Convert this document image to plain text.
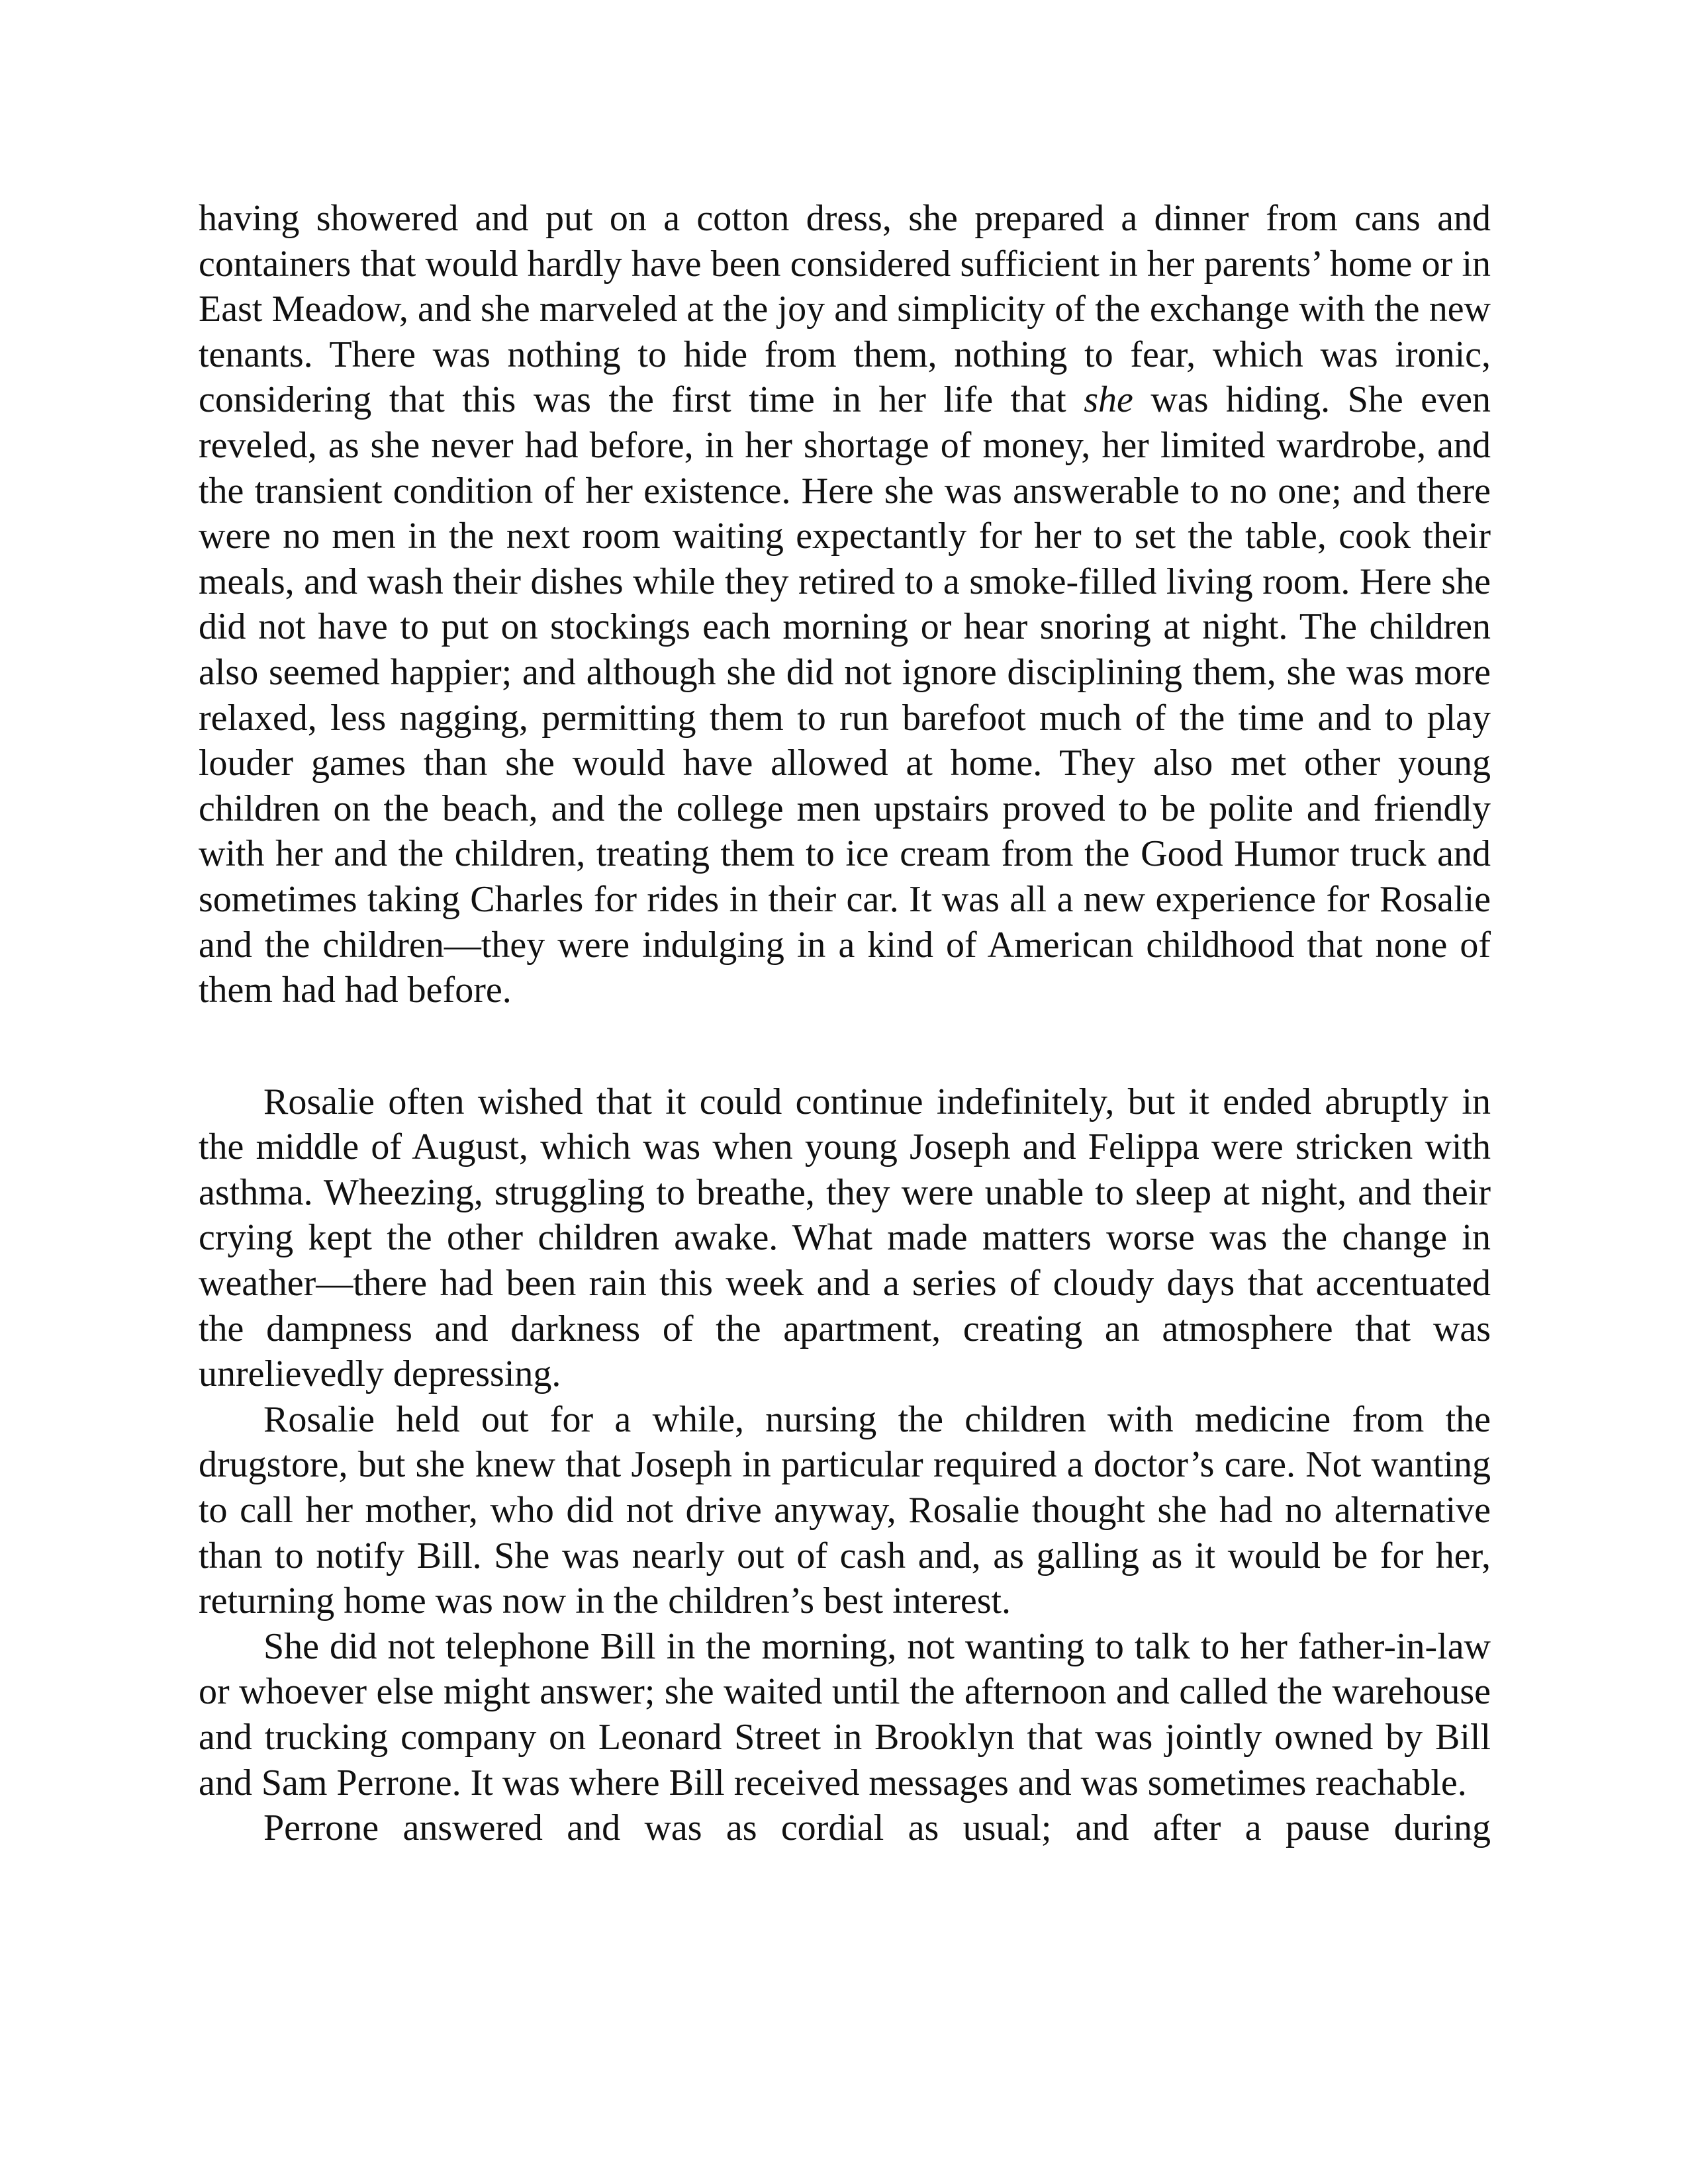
having showered and put on a cotton dress, she prepared a dinner from cans and containers that would hardly have been considered sufficient in her parents’ home or in East Meadow, and she marveled at the joy and simplicity of the exchange with the new tenants. There was nothing to hide from them, nothing to fear, which was ironic, considering that this was the first time in her life that she was hiding. She even reveled, as she never had before, in her shortage of money, her limited wardrobe, and the transient condition of her existence. Here she was answerable to no one; and there were no men in the next room waiting expectantly for her to set the table, cook their meals, and wash their dishes while they retired to a smoke-filled living room. Here she did not have to put on stockings each morning or hear snoring at night. The children also seemed happier; and although she did not ignore disciplining them, she was more relaxed, less nagging, permitting them to run barefoot much of the time and to play louder games than she would have allowed at home. They also met other young children on the beach, and the college men upstairs proved to be polite and friendly with her and the children, treating them to ice cream from the Good Humor truck and sometimes taking Charles for rides in their car. It was all a new experience for Rosalie and the children—they were indulging in a kind of American childhood that none of them had had before.

Rosalie often wished that it could continue indefinitely, but it ended abruptly in the middle of August, which was when young Joseph and Felippa were stricken with asthma. Wheezing, struggling to breathe, they were unable to sleep at night, and their crying kept the other children awake. What made matters worse was the change in weather—there had been rain this week and a series of cloudy days that accentuated the dampness and darkness of the apartment, creating an atmosphere that was unrelievedly depressing.

Rosalie held out for a while, nursing the children with medicine from the drugstore, but she knew that Joseph in particular required a doctor’s care. Not wanting to call her mother, who did not drive anyway, Rosalie thought she had no alternative than to notify Bill. She was nearly out of cash and, as galling as it would be for her, returning home was now in the children’s best interest.

She did not telephone Bill in the morning, not wanting to talk to her father-in-law or whoever else might answer; she waited until the afternoon and called the warehouse and trucking company on Leonard Street in Brooklyn that was jointly owned by Bill and Sam Perrone. It was where Bill received messages and was sometimes reachable.

Perrone answered and was as cordial as usual; and after a pause during
